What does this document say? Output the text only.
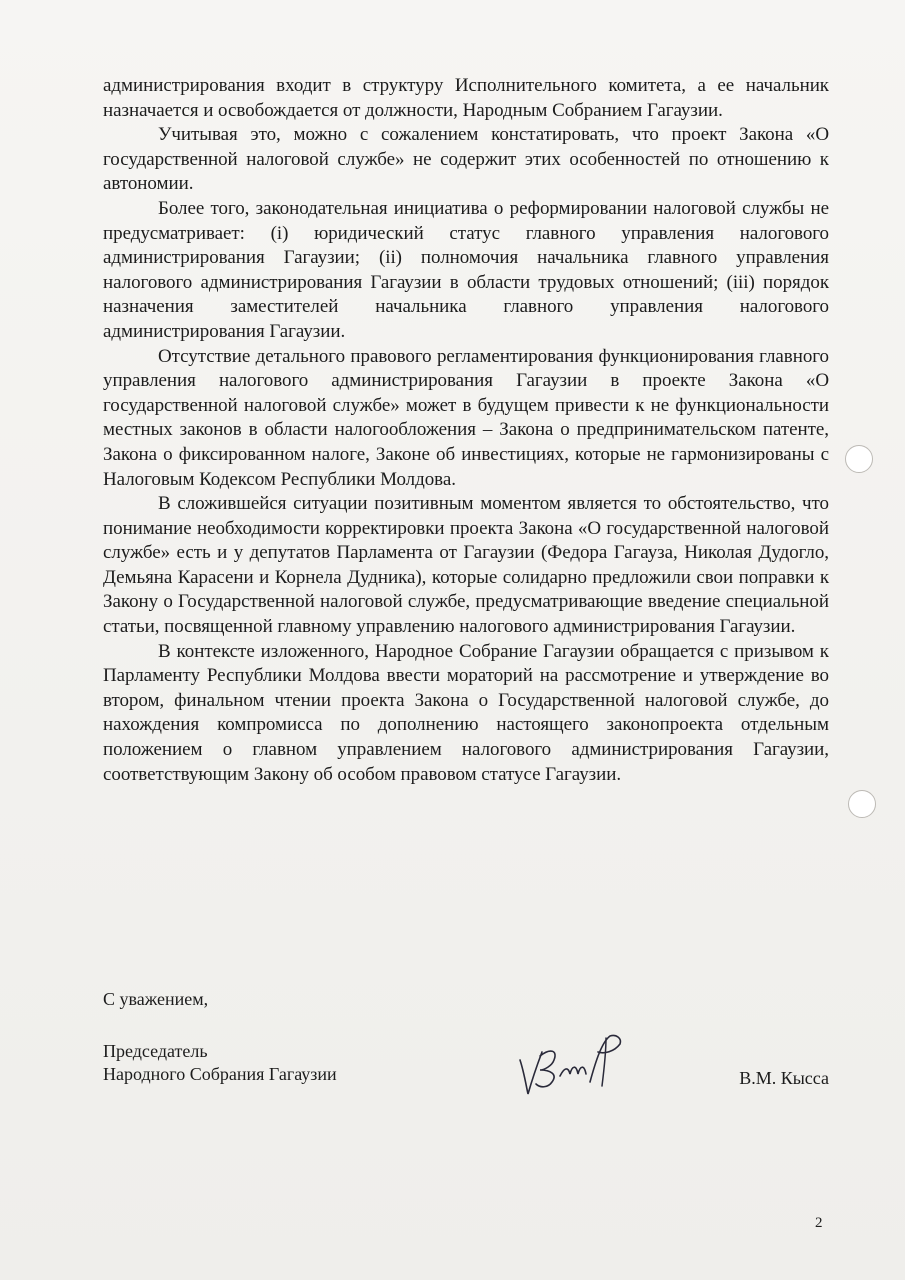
администрирования входит в структуру Исполнительного комитета, а ее начальник назначается и освобождается от должности, Народным Собранием Гагаузии.

Учитывая это, можно с сожалением констатировать, что проект Закона «О государственной налоговой службе» не содержит этих особенностей по отношению к автономии.

Более того, законодательная инициатива о реформировании налоговой службы не предусматривает: (i) юридический статус главного управления налогового администрирования Гагаузии; (ii) полномочия начальника главного управления налогового администрирования Гагаузии в области трудовых отношений; (iii) порядок назначения заместителей начальника главного управления налогового администрирования Гагаузии.

Отсутствие детального правового регламентирования функционирования главного управления налогового администрирования Гагаузии в проекте Закона «О государственной налоговой службе» может в будущем привести к не функциональности местных законов в области налогообложения – Закона о предпринимательском патенте, Закона о фиксированном налоге, Законе об инвестициях, которые не гармонизированы с Налоговым Кодексом Республики Молдова.

В сложившейся ситуации позитивным моментом является то обстоятельство, что понимание необходимости корректировки проекта Закона «О государственной налоговой службе» есть и у депутатов Парламента от Гагаузии (Федора Гагауза, Николая Дудогло, Демьяна Карасени и Корнела Дудника), которые солидарно предложили свои поправки к Закону о Государственной налоговой службе, предусматривающие введение специальной статьи, посвященной главному управлению налогового администрирования Гагаузии.

В контексте изложенного, Народное Собрание Гагаузии обращается с призывом к Парламенту Республики Молдова ввести мораторий на рассмотрение и утверждение во втором, финальном чтении проекта Закона о Государственной налоговой службе, до нахождения компромисса по дополнению настоящего законопроекта отдельным положением о главном управлением налогового администрирования Гагаузии, соответствующим Закону об особом правовом статусе Гагаузии.

С уважением,
Председатель
Народного Собрания Гагаузии	В.М. Кысса
2
